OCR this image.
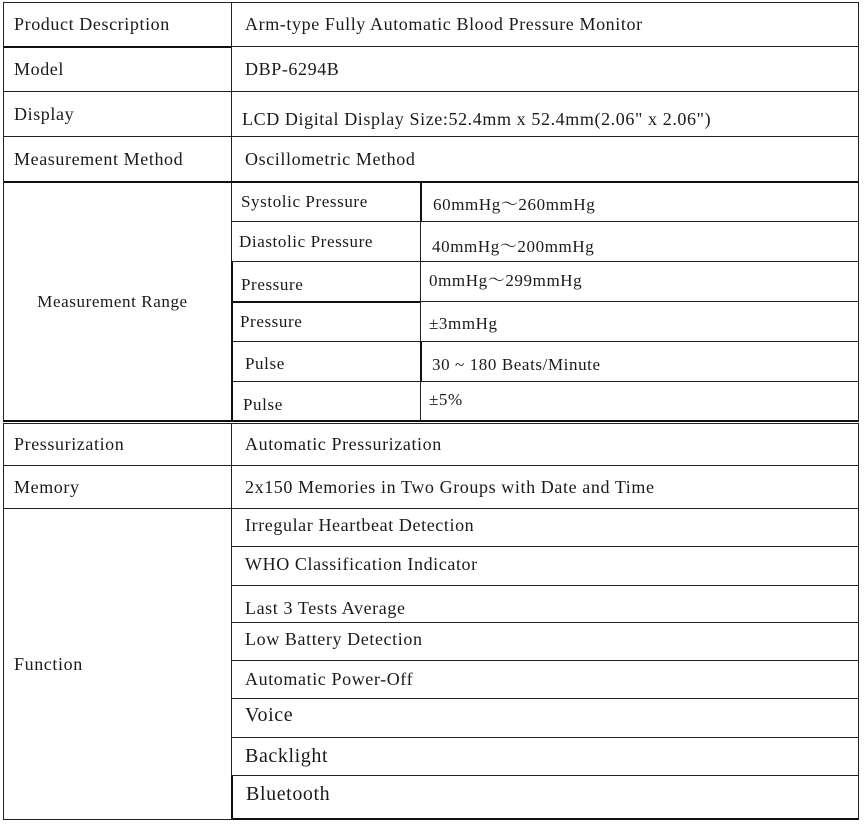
Product Description	Arm-type Fully Automatic Blood Pressure Monitor
Model	DBP-6294B
Display	LCD Digital Display Size:52.4mm x 52.4mm(2.06" x 2.06")
Measurement Method	Oscillometric Method
Measurement Range
Systolic Pressure	60mmHg～260mmHg
Diastolic Pressure	40mmHg～200mmHg
Pressure	0mmHg～299mmHg
Pressure	±3mmHg
Pulse	30 ~ 180 Beats/Minute
Pulse	±5%
Pressurization	Automatic Pressurization
Memory	2x150 Memories in Two Groups with Date and Time
Function
Irregular Heartbeat Detection
WHO Classification Indicator
Last 3 Tests Average
Low Battery Detection
Automatic Power-Off
Voice
Backlight
Bluetooth
